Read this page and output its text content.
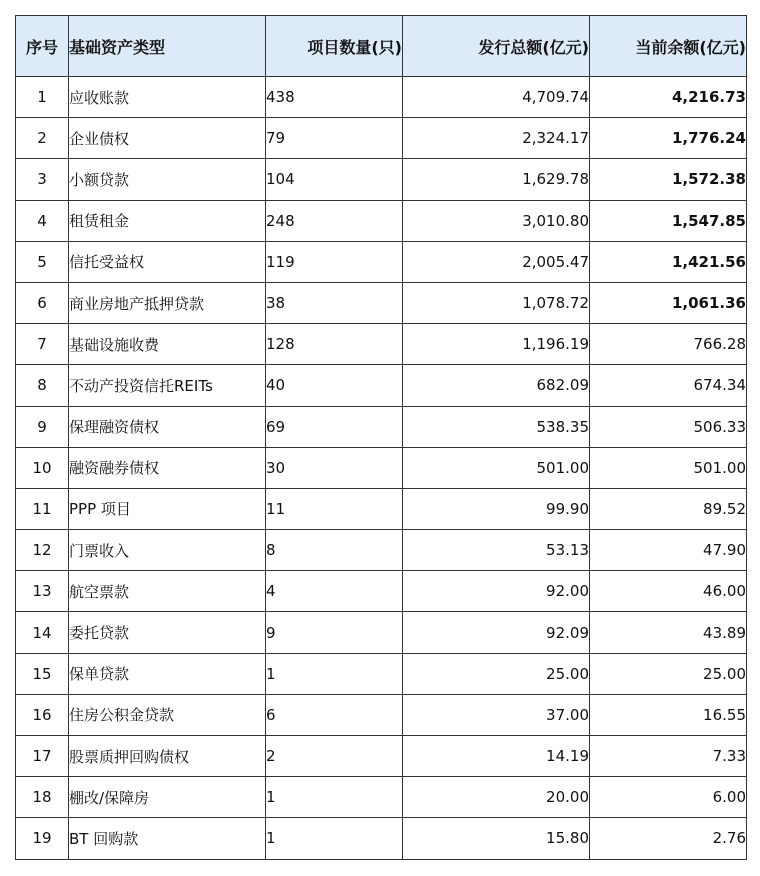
序号	基础资产类型	项目数量(只)	发行总额(亿元)	当前余额(亿元)
1	应收账款	438	4,709.74	4,216.73
2	企业债权	79	2,324.17	1,776.24
3	小额贷款	104	1,629.78	1,572.38
4	租赁租金	248	3,010.80	1,547.85
5	信托受益权	119	2,005.47	1,421.56
6	商业房地产抵押贷款	38	1,078.72	1,061.36
7	基础设施收费	128	1,196.19	766.28
8	不动产投资信托REITs	40	682.09	674.34
9	保理融资债权	69	538.35	506.33
10	融资融券债权	30	501.00	501.00
11	PPP 项目	11	99.90	89.52
12	门票收入	8	53.13	47.90
13	航空票款	4	92.00	46.00
14	委托贷款	9	92.09	43.89
15	保单贷款	1	25.00	25.00
16	住房公积金贷款	6	37.00	16.55
17	股票质押回购债权	2	14.19	7.33
18	棚改/保障房	1	20.00	6.00
19	BT 回购款	1	15.80	2.76
